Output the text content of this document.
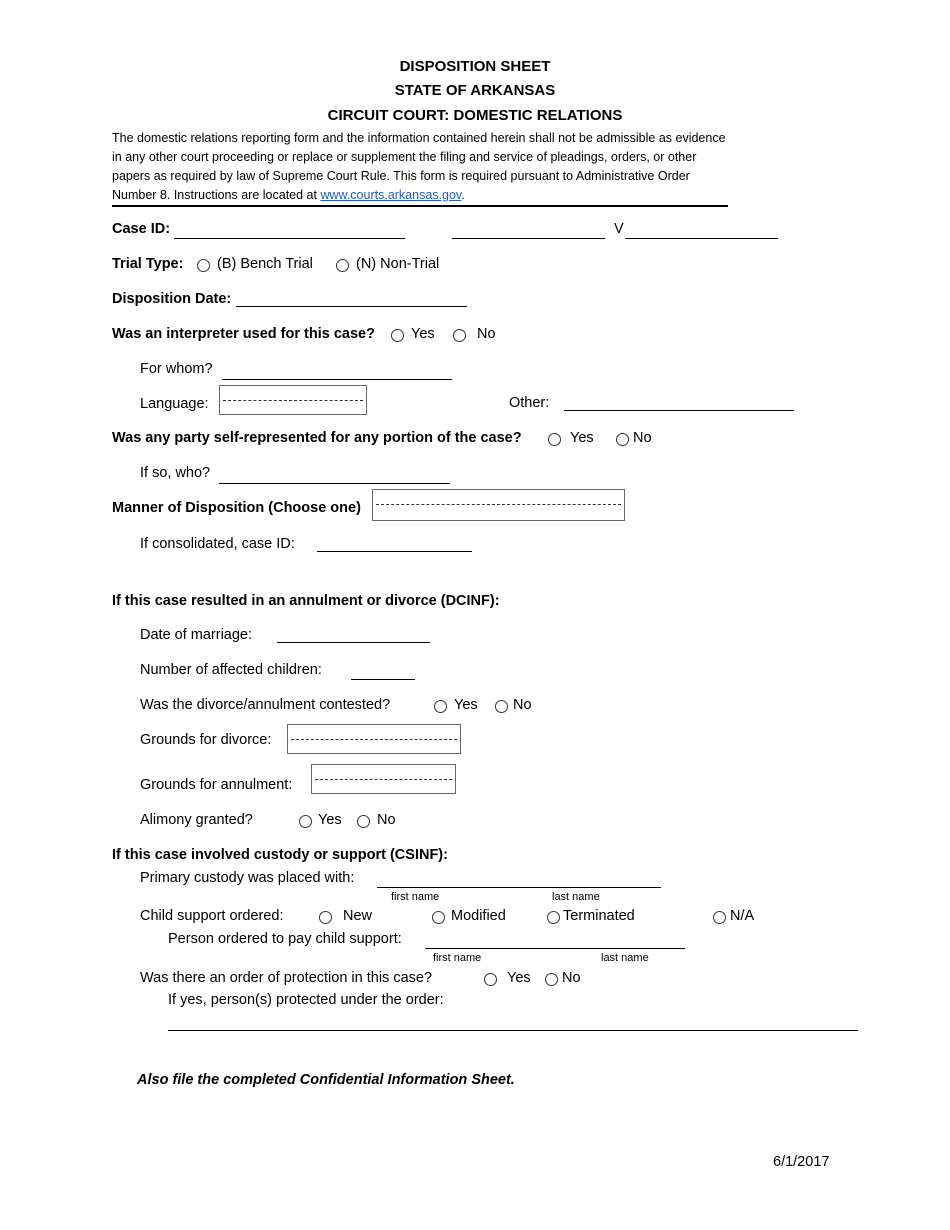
DISPOSITION SHEET
STATE OF ARKANSAS
CIRCUIT COURT: DOMESTIC RELATIONS
The domestic relations reporting form and the information contained herein shall not be admissible as evidence in any other court proceeding or replace or supplement the filing and service of pleadings, orders, or other papers as required by law of Supreme Court Rule. This form is required pursuant to Administrative Order Number 8. Instructions are located at www.courts.arkansas.gov.
Case ID:	V
Trial Type: (B) Bench Trial	(N) Non-Trial
Disposition Date:
Was an interpreter used for this case? Yes	No
For whom?
Language:	Other:
Was any party self-represented for any portion of the case?	Yes	No
If so, who?
Manner of Disposition (Choose one)
If consolidated, case ID:
If this case resulted in an annulment or divorce (DCINF):
Date of marriage:
Number of affected children:
Was the divorce/annulment contested?	Yes No
Grounds for divorce:
Grounds for annulment:
Alimony granted?	Yes No
If this case involved custody or support (CSINF):
Primary custody was placed with:
first name	last name
Child support ordered:	New	Modified	Terminated	N/A
Person ordered to pay child support:
first name	last name
Was there an order of protection in this case?	Yes No
If yes, person(s) protected under the order:
Also file the completed Confidential Information Sheet.
6/1/2017
